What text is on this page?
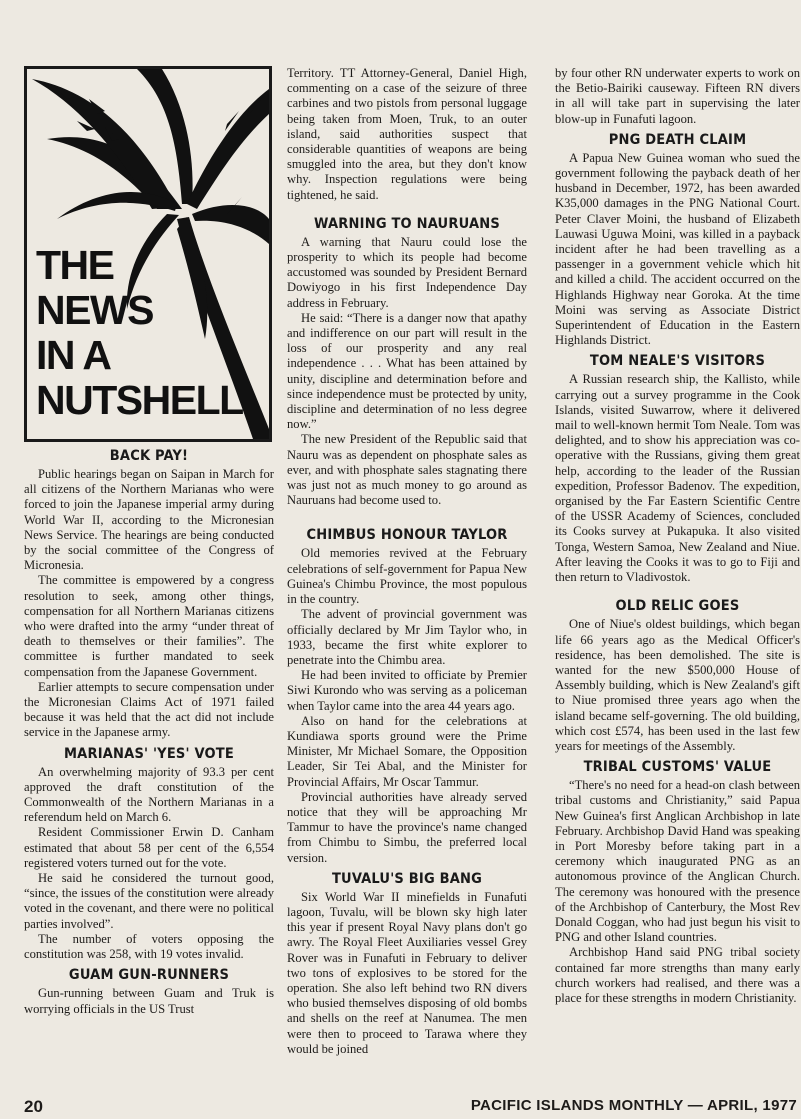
THE
NEWS
IN A
NUTSHELL
BACK PAY!

Public hearings began on Saipan in March for all citizens of the Northern Marianas who were forced to join the Japanese imperial army during World War II, according to the Micronesian News Service. The hearings are being conducted by the social committee of the Congress of Micronesia.

The committee is empowered by a congress resolution to seek, among other things, compensation for all Northern Marianas citizens who were drafted into the army “under threat of death to themselves or their families”. The committee is further mandated to seek compensation from the Japanese Government.

Earlier attempts to secure compensation under the Micronesian Claims Act of 1971 failed because it was held that the act did not include service in the Japanese army.

MARIANAS' 'YES' VOTE

An overwhelming majority of 93.3 per cent approved the draft constitution of the Commonwealth of the Northern Marianas in a referendum held on March 6.

Resident Commissioner Erwin D. Canham estimated that about 58 per cent of the 6,554 registered voters turned out for the vote.

He said he considered the turnout good, “since, the issues of the constitution were already voted in the covenant, and there were no political parties involved”.

The number of voters opposing the constitution was 258, with 19 votes invalid.

GUAM GUN-RUNNERS

Gun-running between Guam and Truk is worrying officials in the US Trust

Territory. TT Attorney-General, Daniel High, commenting on a case of the seizure of three carbines and two pistols from personal luggage being taken from Moen, Truk, to an outer island, said authorities suspect that considerable quantities of weapons are being smuggled into the area, but they don't know why. Inspection regulations were being tightened, he said.

WARNING TO NAURUANS

A warning that Nauru could lose the prosperity to which its people had become accustomed was sounded by President Bernard Dowiyogo in his first Independence Day address in February.

He said: “There is a danger now that apathy and indifference on our part will result in the loss of our prosperity and any real independence . . . What has been attained by unity, discipline and determination before and since independence must be protected by unity, discipline and determination of no less degree now.”

The new President of the Republic said that Nauru was as dependent on phosphate sales as ever, and with phosphate sales stagnating there was just not as much money to go around as Nauruans had become used to.

CHIMBUS HONOUR TAYLOR

Old memories revived at the February celebrations of self-government for Papua New Guinea's Chimbu Province, the most populous in the country.

The advent of provincial government was officially declared by Mr Jim Taylor who, in 1933, became the first white explorer to penetrate into the Chimbu area.

He had been invited to officiate by Premier Siwi Kurondo who was serving as a policeman when Taylor came into the area 44 years ago.

Also on hand for the celebrations at Kundiawa sports ground were the Prime Minister, Mr Michael Somare, the Opposition Leader, Sir Tei Abal, and the Minister for Provincial Affairs, Mr Oscar Tammur.

Provincial authorities have already served notice that they will be approaching Mr Tammur to have the province's name changed from Chimbu to Simbu, the preferred local version.

TUVALU'S BIG BANG

Six World War II minefields in Funafuti lagoon, Tuvalu, will be blown sky high later this year if present Royal Navy plans don't go awry. The Royal Fleet Auxiliaries vessel Grey Rover was in Funafuti in February to deliver two tons of explosives to be stored for the operation. She also left behind two RN divers who busied themselves disposing of old bombs and shells on the reef at Nanumea. The men were then to proceed to Tarawa where they would be joined

by four other RN underwater experts to work on the Betio-Bairiki causeway. Fifteen RN divers in all will take part in supervising the later blow-up in Funafuti lagoon.

PNG DEATH CLAIM

A Papua New Guinea woman who sued the government following the payback death of her husband in December, 1972, has been awarded K35,000 damages in the PNG National Court. Peter Claver Moini, the husband of Elizabeth Lauwasi Uguwa Moini, was killed in a payback incident after he had been travelling as a passenger in a government vehicle which hit and killed a child. The accident occurred on the Highlands Highway near Goroka. At the time Moini was serving as Associate District Superintendent of Education in the Eastern Highlands District.

TOM NEALE'S VISITORS

A Russian research ship, the Kallisto, while carrying out a survey programme in the Cook Islands, visited Suwarrow, where it delivered mail to well-known hermit Tom Neale. Tom was delighted, and to show his appreciation was co-operative with the Russians, giving them great help, according to the leader of the Russian expedition, Professor Badenov. The expedition, organised by the Far Eastern Scientific Centre of the USSR Academy of Sciences, concluded its Cooks survey at Pukapuka. It also visited Tonga, Western Samoa, New Zealand and Niue. After leaving the Cooks it was to go to Fiji and then return to Vladivostok.

OLD RELIC GOES

One of Niue's oldest buildings, which began life 66 years ago as the Medical Officer's residence, has been demolished. The site is wanted for the new $500,000 House of Assembly building, which is New Zealand's gift to Niue promised three years ago when the island became self-governing. The old building, which cost £574, has been used in the last few years for meetings of the Assembly.

TRIBAL CUSTOMS' VALUE

“There's no need for a head-on clash between tribal customs and Christianity,” said Papua New Guinea's first Anglican Archbishop in late February. Archbishop David Hand was speaking in Port Moresby before taking part in a ceremony which inaugurated PNG as an autonomous province of the Anglican Church. The ceremony was honoured with the presence of the Archbishop of Canterbury, the Most Rev Donald Coggan, who had just begun his visit to PNG and other Island countries.

Archbishop Hand said PNG tribal society contained far more strengths than many early church workers had realised, and there was a place for these strengths in modern Christianity.

20	PACIFIC ISLANDS MONTHLY — APRIL, 1977
